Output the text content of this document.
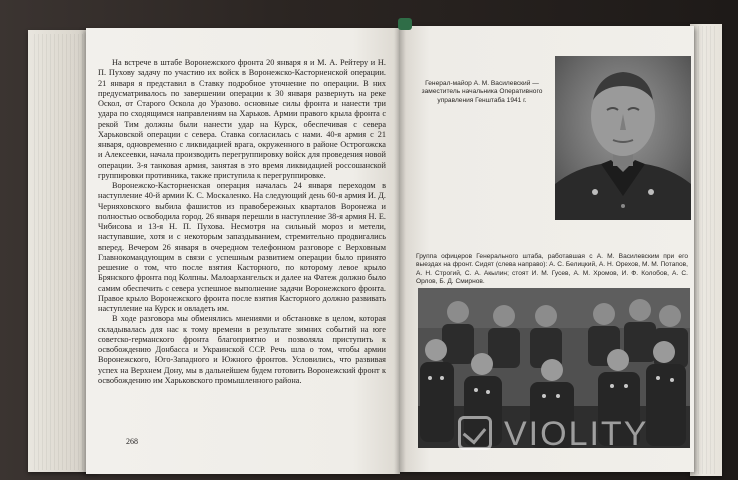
На встрече в штабе Воронежского фронта 20 января я и М. А. Рейтеру и Н. П. Пухову задачу по участию их войск в Воронежско-Касторненской операции. 21 января я представил в Ставку подробное уточнение по операции. В них предусматривалось по завершении операции к 30 января развернуть на реке Оскол, от Старого Оскола до Уразово. основные силы фронта и нанести три удара по сходящимся направлениям на Харьков. Армии правого крыла фронта с рекой Тим должны были нанести удар на Курск, обеспечивая с севера Харьковской операции с севера. Ставка согласилась с нами. 40-я армия с 21 января, одновременно с ликвидацией врага, окруженного в районе Острогожска и Алексеевки, начала производить перегруппировку войск для проведения новой операции. 3-я танковая армия, занятая в это время ликвидацией россошанской группировки противника, также приступила к перегруппировке.

Воронежско-Касторненская операция началась 24 января переходом в наступление 40-й армии К. С. Москаленко. На следующий день 60-я армия И. Д. Черняховского выбила фашистов из правобережных кварталов Воронежа и полностью освободила город. 26 января перешли в наступление 38-я армия Н. Е. Чибисова и 13-я Н. П. Пухова. Несмотря на сильный мороз и метели, наступавшие, хотя и с некоторым запаздыванием, стремительно продвигались вперед. Вечером 26 января в очередном телефонном разговоре с Верховным Главнокомандующим в связи с успешным развитием операции было принято решение о том, что после взятия Касторного, по которому левое крыло Брянского фронта под Колпны. Малоархангельск и далее на Фатеж должно было самим обеспечить с севера успешное выполнение задачи Воронежского фронта. Правое крыло Воронежского фронта после взятия Касторного должно развивать наступление на Курск и овладеть им.

В ходе разговора мы обменялись мнениями и обстановке в целом, которая складывалась для нас к тому времени в результате зимних событий на юге советско-германского фронта благоприятно и позволяла приступить к освобождению Донбасса и Украинской ССР. Речь шла о том, чтобы армии Воронежского, Юго-Западного и Южного фронтов. Условились, что развивая успех на Верхнем Дону, мы в дальнейшем будем готовить Воронежский фронт к освобождению им Харьковского промышленного района.

268
Генерал-майор А. М. Василевский — заместитель начальника Оперативного управления Генштаба 1941 г.
Группа офицеров Генерального штаба, работавшая с А. М. Василевским при его выездах на фронт. Сидят (слева направо): А. С. Белицкий, А. Н. Орехов, М. М. Потапов, А. Н. Строгий, С. А. Акылин; стоят И. М. Гусев, А. М. Хромов, И. Ф. Колобов, А. С. Орлов, Б. Д. Смирнов.
VIOLITY
